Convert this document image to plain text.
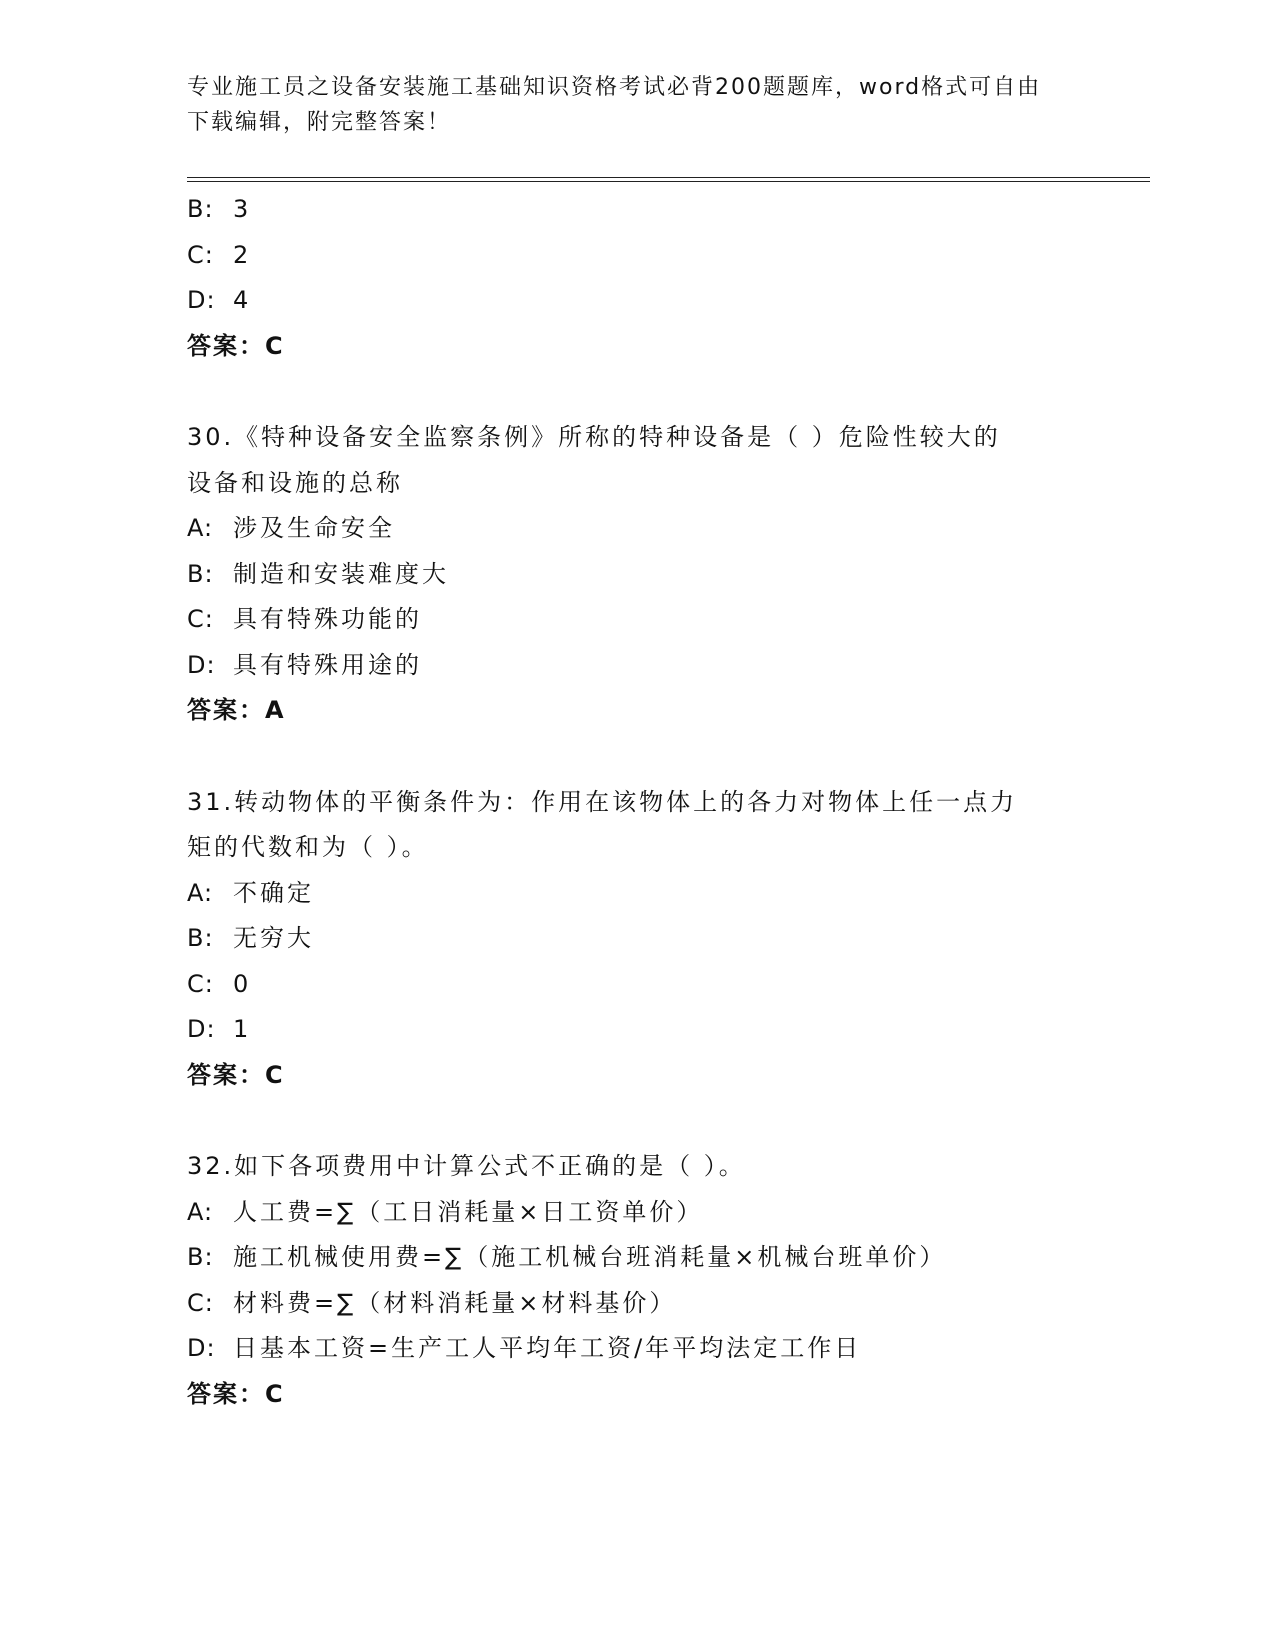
专业施工员之设备安装施工基础知识资格考试必背200题题库，word格式可自由
下载编辑，附完整答案！
B: 3
C: 2
D: 4
答案：C
30.《特种设备安全监察条例》所称的特种设备是（ ）危险性较大的
设备和设施的总称
A: 涉及生命安全
B: 制造和安装难度大
C: 具有特殊功能的
D: 具有特殊用途的
答案：A
31.转动物体的平衡条件为：作用在该物体上的各力对物体上任一点力
矩的代数和为（ ）。
A: 不确定
B: 无穷大
C: 0
D: 1
答案：C
32.如下各项费用中计算公式不正确的是（ ）。
A: 人工费=∑（工日消耗量×日工资单价）
B: 施工机械使用费=∑（施工机械台班消耗量×机械台班单价）
C: 材料费=∑（材料消耗量×材料基价）
D: 日基本工资=生产工人平均年工资/年平均法定工作日
答案：C
